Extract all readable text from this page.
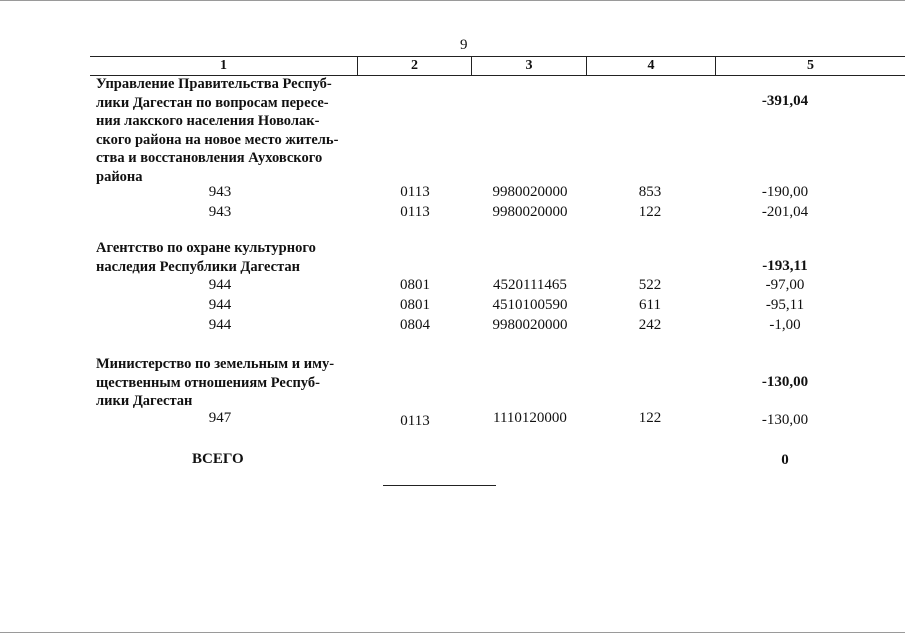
9
1	2	3	4	5
Управление Правительства Респуб-
лики Дагестан по вопросам пересе-
ния лакского населения Новолак-
ского района на новое место житель-
ства и восстановления Ауховского
района
-391,04
943	0113	9980020000	853	-190,00
943	0113	9980020000	122	-201,04
Агентство по охране культурного
наследия Республики Дагестан	-193,11
944	0801	4520111465	522	-97,00
944	0801	4510100590	611	-95,11
944	0804	9980020000	242	-1,00
Министерство по земельным и иму-
щественным отношениям Респуб-
лики Дагестан
-130,00
947	0113	1110120000	122	-130,00
ВСЕГО	0
